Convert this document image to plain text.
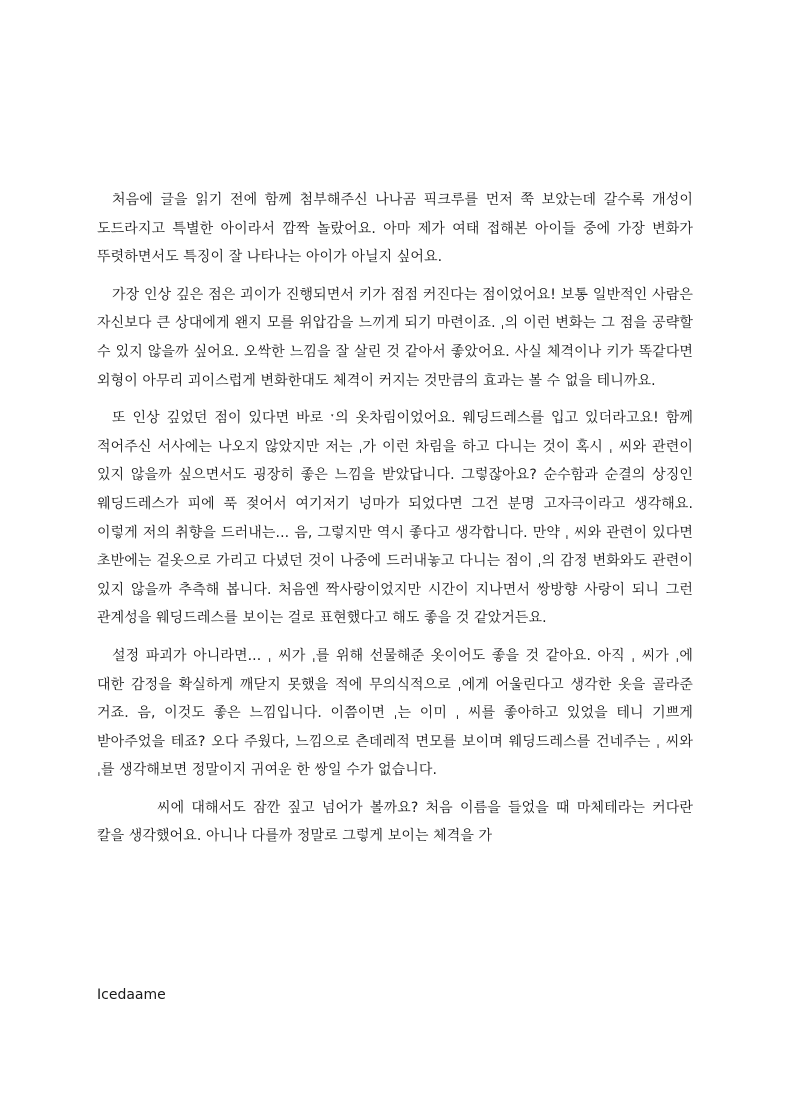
처음에 글을 읽기 전에 함께 첨부해주신 나나곰 픽크루를 먼저 쭉 보았는데 갈수록 개성이 도드라지고 특별한 아이라서 깜짝 놀랐어요. 아마 제가 여태 접해본 아이들 중에 가장 변화가 뚜렷하면서도 특징이 잘 나타나는 아이가 아닐지 싶어요.

가장 인상 깊은 점은 괴이가 진행되면서 키가 점점 커진다는 점이었어요! 보통 일반적인 사람은 자신보다 큰 상대에게 왠지 모를 위압감을 느끼게 되기 마련이죠. ˌ의 이런 변화는 그 점을 공략할 수 있지 않을까 싶어요. 오싹한 느낌을 잘 살린 것 같아서 좋았어요. 사실 체격이나 키가 똑같다면 외형이 아무리 괴이스럽게 변화한대도 체격이 커지는 것만큼의 효과는 볼 수 없을 테니까요.

또 인상 깊었던 점이 있다면 바로 ˑ의 옷차림이었어요. 웨딩드레스를 입고 있더라고요! 함께 적어주신 서사에는 나오지 않았지만 저는 ˌ가 이런 차림을 하고 다니는 것이 혹시 ˌ 씨와 관련이 있지 않을까 싶으면서도 굉장히 좋은 느낌을 받았답니다. 그렇잖아요? 순수함과 순결의 상징인 웨딩드레스가 피에 푹 젖어서 여기저기 넝마가 되었다면 그건 분명 고자극이라고 생각해요. 이렇게 저의 취향을 드러내는... 음, 그렇지만 역시 좋다고 생각합니다. 만약 ˌ 씨와 관련이 있다면 초반에는 겉옷으로 가리고 다녔던 것이 나중에 드러내놓고 다니는 점이 ˌ의 감정 변화와도 관련이 있지 않을까 추측해 봅니다. 처음엔 짝사랑이었지만 시간이 지나면서 쌍방향 사랑이 되니 그런 관계성을 웨딩드레스를 보이는 걸로 표현했다고 해도 좋을 것 같았거든요.

설정 파괴가 아니라면... ˌ 씨가 ˌ를 위해 선물해준 옷이어도 좋을 것 같아요. 아직 ˌ 씨가 ˌ에 대한 감정을 확실하게 깨닫지 못했을 적에 무의식적으로 ˌ에게 어울린다고 생각한 옷을 골라준 거죠. 음, 이것도 좋은 느낌입니다. 이쯤이면 ˌ는 이미 ˌ 씨를 좋아하고 있었을 테니 기쁘게 받아주었을 테죠? 오다 주웠다, 느낌으로 츤데레적 면모를 보이며 웨딩드레스를 건네주는 ˌ 씨와 ˌ를 생각해보면 정말이지 귀여운 한 쌍일 수가 없습니다.

씨에 대해서도 잠깐 짚고 넘어가 볼까요? 처음 이름을 들었을 때 마체테라는 커다란 칼을 생각했어요. 아니나 다를까 정말로 그렇게 보이는 체격을 가

Icedaame
